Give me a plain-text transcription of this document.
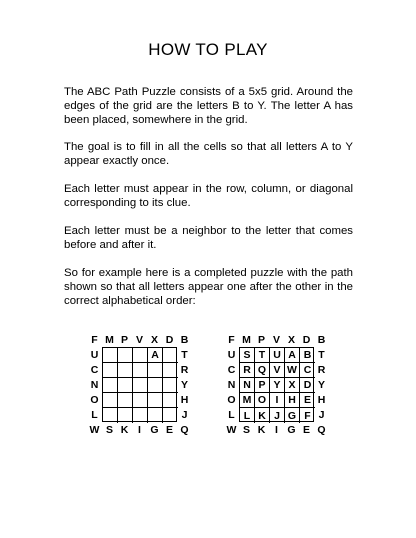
HOW TO PLAY

The ABC Path Puzzle consists of a 5x5 grid. Around the edges of the grid are the letters B to Y. The letter A has been placed, somewhere in the grid.

The goal is to fill in all the cells so that all letters A to Y appear exactly once.

Each letter must appear in the row, column, or diagonal corresponding to its clue.

Each letter must be a neighbor to the letter that comes before and after it.

So for example here is a completed puzzle with the path shown so that all letters appear one after the other in the correct alphabetical order:

F M P V X D B
U
C
N
O
L
T
R
Y
H
J
W S K I G E Q
A
F M P V X D B
U
C
N
O
L
T
R
Y
H
J
W S K I G E Q
S T U A B
R Q V W C
N P Y X D
M O I H E
L K J G F
